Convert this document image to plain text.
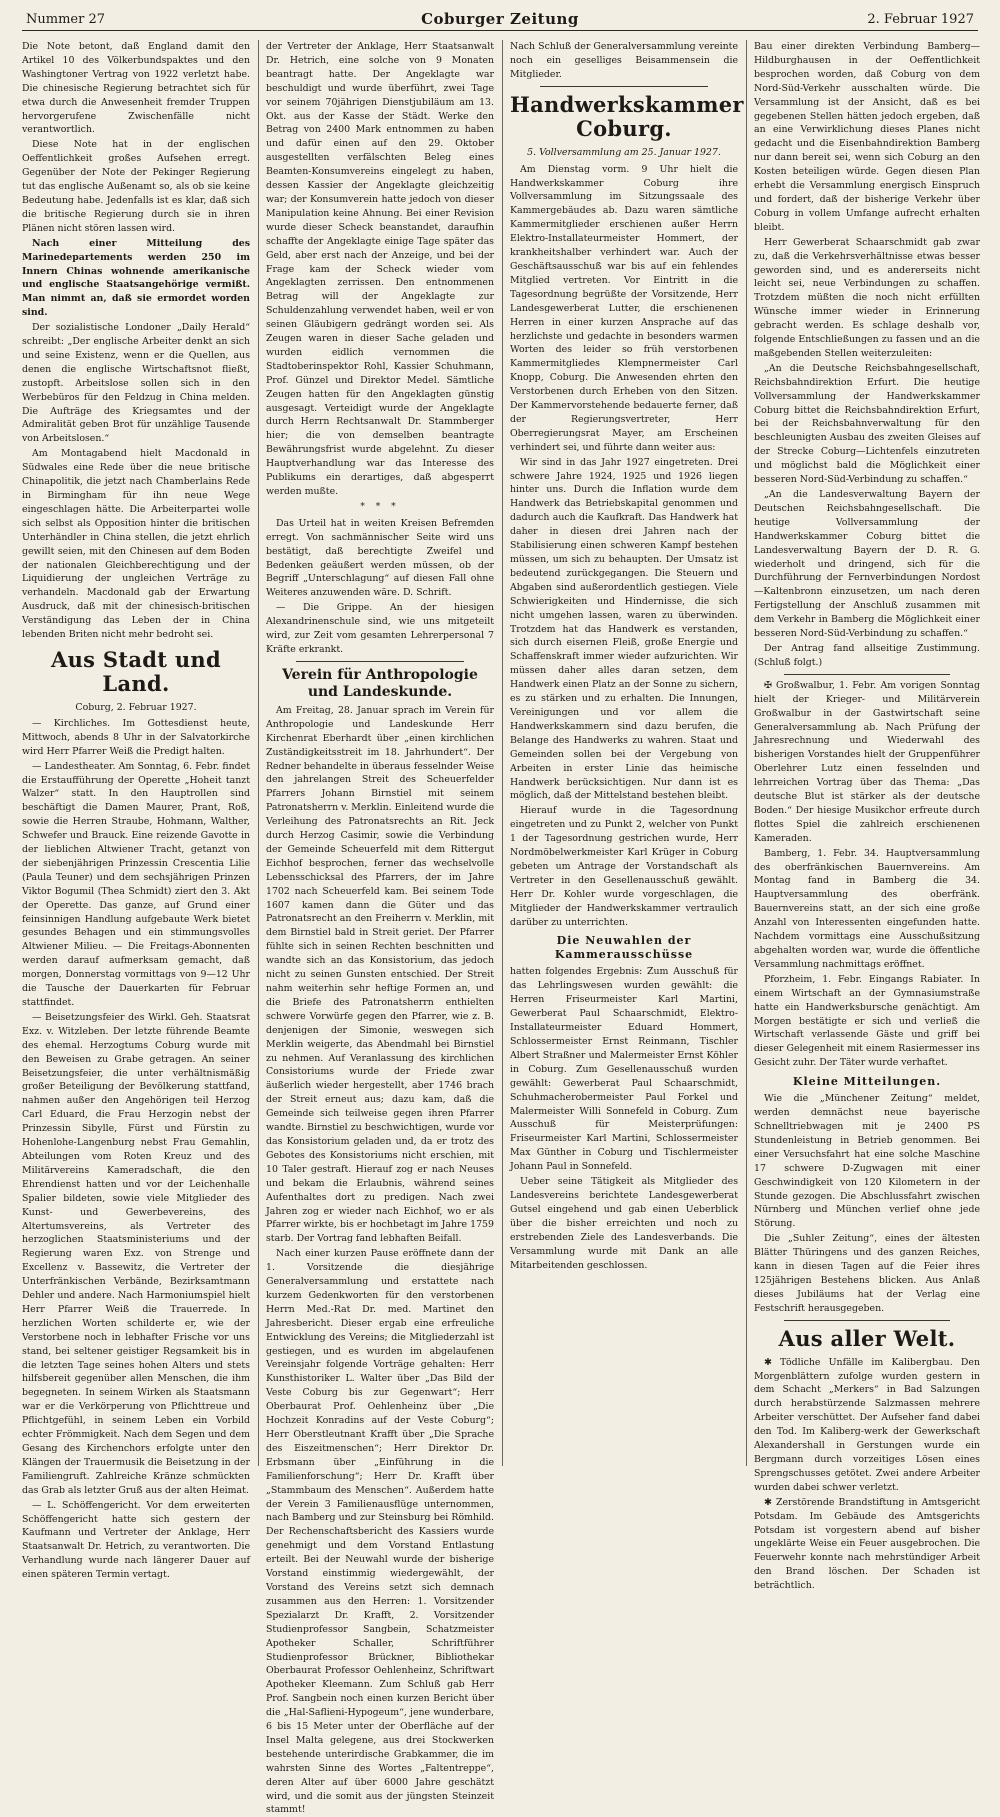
Nummer 27	Coburger Zeitung	2. Februar 1927

Die Note betont, daß England damit den Artikel 10 des Völkerbundspaktes und den Washingtoner Vertrag von 1922 verletzt habe. Die chinesische Regierung betrachtet sich für etwa durch die Anwesenheit fremder Truppen hervorgerufene Zwischenfälle nicht verantwortlich.

Diese Note hat in der englischen Oeffentlichkeit großes Aufsehen erregt. Gegenüber der Note der Pekinger Regierung tut das englische Außenamt so, als ob sie keine Bedeutung habe. Jedenfalls ist es klar, daß sich die britische Regierung durch sie in ihren Plänen nicht stören lassen wird.

Nach einer Mitteilung des Marinedepartements werden 250 im Innern Chinas wohnende amerikanische und englische Staatsangehörige vermißt. Man nimmt an, daß sie ermordet worden sind.

Der sozialistische Londoner „Daily Herald“ schreibt: „Der englische Arbeiter denkt an sich und seine Existenz, wenn er die Quellen, aus denen die englische Wirtschaftsnot fließt, zustopft. Arbeitslose sollen sich in den Werbebüros für den Feldzug in China melden. Die Aufträge des Kriegsamtes und der Admiralität geben Brot für unzählige Tausende von Arbeitslosen.“

Am Montagabend hielt Macdonald in Südwales eine Rede über die neue britische Chinapolitik, die jetzt nach Chamberlains Rede in Birmingham für ihn neue Wege eingeschlagen hätte. Die Arbeiterpartei wolle sich selbst als Opposition hinter die britischen Unterhändler in China stellen, die jetzt ehrlich gewillt seien, mit den Chinesen auf dem Boden der nationalen Gleichberechtigung und der Liquidierung der ungleichen Verträge zu verhandeln. Macdonald gab der Erwartung Ausdruck, daß mit der chinesisch-britischen Verständigung das Leben der in China lebenden Briten nicht mehr bedroht sei.

Aus Stadt und Land.

Coburg, 2. Februar 1927.

— Kirchliches. Im Gottesdienst heute, Mittwoch, abends 8 Uhr in der Salvatorkirche wird Herr Pfarrer Weiß die Predigt halten.

— Landestheater. Am Sonntag, 6. Febr. findet die Erstaufführung der Operette „Hoheit tanzt Walzer“ statt. In den Hauptrollen sind beschäftigt die Damen Maurer, Prant, Roß, sowie die Herren Straube, Hohmann, Walther, Schwefer und Brauck. Eine reizende Gavotte in der lieblichen Altwiener Tracht, getanzt von der siebenjährigen Prinzessin Crescentia Lilie (Paula Teuner) und dem sechsjährigen Prinzen Viktor Bogumil (Thea Schmidt) ziert den 3. Akt der Operette. Das ganze, auf Grund einer feinsinnigen Handlung aufgebaute Werk bietet gesundes Behagen und ein stimmungsvolles Altwiener Milieu. — Die Freitags-Abonnenten werden darauf aufmerksam gemacht, daß morgen, Donnerstag vormittags von 9—12 Uhr die Tausche der Dauerkarten für Februar stattfindet.

— Beisetzungsfeier des Wirkl. Geh. Staatsrat Exz. v. Witzleben. Der letzte führende Beamte des ehemal. Herzogtums Coburg wurde mit den Beweisen zu Grabe getragen. An seiner Beisetzungsfeier, die unter verhältnismäßig großer Beteiligung der Bevölkerung stattfand, nahmen außer den Angehörigen teil Herzog Carl Eduard, die Frau Herzogin nebst der Prinzessin Sibylle, Fürst und Fürstin zu Hohenlohe-Langenburg nebst Frau Gemahlin, Abteilungen vom Roten Kreuz und des Militärvereins Kameradschaft, die den Ehrendienst hatten und vor der Leichenhalle Spalier bildeten, sowie viele Mitglieder des Kunst- und Gewerbevereins, des Altertumsvereins, als Vertreter des herzoglichen Staatsministeriums und der Regierung waren Exz. von Strenge und Excellenz v. Bassewitz, die Vertreter der Unterfränkischen Verbände, Bezirksamtmann Dehler und andere. Nach Harmoniumspiel hielt Herr Pfarrer Weiß die Trauerrede. In herzlichen Worten schilderte er, wie der Verstorbene noch in lebhafter Frische vor uns stand, bei seltener geistiger Regsamkeit bis in die letzten Tage seines hohen Alters und stets hilfsbereit gegenüber allen Menschen, die ihm begegneten. In seinem Wirken als Staatsmann war er die Verkörperung von Pflichttreue und Pflichtgefühl, in seinem Leben ein Vorbild echter Frömmigkeit. Nach dem Segen und dem Gesang des Kirchenchors erfolgte unter den Klängen der Trauermusik die Beisetzung in der Familiengruft. Zahlreiche Kränze schmückten das Grab als letzter Gruß aus der alten Heimat.

— L. Schöffengericht. Vor dem erweiterten Schöffengericht hatte sich gestern der Kaufmann und Vertreter der Anklage, Herr Staatsanwalt Dr. Hetrich, zu verantworten. Die Verhandlung wurde nach längerer Dauer auf einen späteren Termin vertagt.

der Vertreter der Anklage, Herr Staatsanwalt Dr. Hetrich, eine solche von 9 Monaten beantragt hatte. Der Angeklagte war beschuldigt und wurde überführt, zwei Tage vor seinem 70jährigen Dienstjubiläum am 13. Okt. aus der Kasse der Städt. Werke den Betrag von 2400 Mark entnommen zu haben und dafür einen auf den 29. Oktober ausgestellten verfälschten Beleg eines Beamten-Konsumvereins eingelegt zu haben, dessen Kassier der Angeklagte gleichzeitig war; der Konsumverein hatte jedoch von dieser Manipulation keine Ahnung. Bei einer Revision wurde dieser Scheck beanstandet, daraufhin schaffte der Angeklagte einige Tage später das Geld, aber erst nach der Anzeige, und bei der Frage kam der Scheck wieder vom Angeklagten zerrissen. Den entnommenen Betrag will der Angeklagte zur Schuldenzahlung verwendet haben, weil er von seinen Gläubigern gedrängt worden sei. Als Zeugen waren in dieser Sache geladen und wurden eidlich vernommen die Stadtoberinspektor Rohl, Kassier Schuhmann, Prof. Günzel und Direktor Medel. Sämtliche Zeugen hatten für den Angeklagten günstig ausgesagt. Verteidigt wurde der Angeklagte durch Herrn Rechtsanwalt Dr. Stammberger hier; die von demselben beantragte Bewährungsfrist wurde abgelehnt. Zu dieser Hauptverhandlung war das Interesse des Publikums ein derartiges, daß abgesperrt werden mußte.

* * *

Das Urteil hat in weiten Kreisen Befremden erregt. Von sachmännischer Seite wird uns bestätigt, daß berechtigte Zweifel und Bedenken geäußert werden müssen, ob der Begriff „Unterschlagung“ auf diesen Fall ohne Weiteres anzuwenden wäre. D. Schrift.

— Die Grippe. An der hiesigen Alexandrinenschule sind, wie uns mitgeteilt wird, zur Zeit vom gesamten Lehrerpersonal 7 Kräfte erkrankt.

Verein für Anthropologie und Landeskunde.

Am Freitag, 28. Januar sprach im Verein für Anthropologie und Landeskunde Herr Kirchenrat Eberhardt über „einen kirchlichen Zuständigkeitsstreit im 18. Jahrhundert“. Der Redner behandelte in überaus fesselnder Weise den jahrelangen Streit des Scheuerfelder Pfarrers Johann Birnstiel mit seinem Patronatsherrn v. Merklin. Einleitend wurde die Verleihung des Patronatsrechts an Rit. Jeck durch Herzog Casimir, sowie die Verbindung der Gemeinde Scheuerfeld mit dem Rittergut Eichhof besprochen, ferner das wechselvolle Lebensschicksal des Pfarrers, der im Jahre 1702 nach Scheuerfeld kam. Bei seinem Tode 1607 kamen dann die Güter und das Patronatsrecht an den Freiherrn v. Merklin, mit dem Birnstiel bald in Streit geriet. Der Pfarrer fühlte sich in seinen Rechten beschnitten und wandte sich an das Konsistorium, das jedoch nicht zu seinen Gunsten entschied. Der Streit nahm weiterhin sehr heftige Formen an, und die Briefe des Patronatsherrn enthielten schwere Vorwürfe gegen den Pfarrer, wie z. B. denjenigen der Simonie, weswegen sich Merklin weigerte, das Abendmahl bei Birnstiel zu nehmen. Auf Veranlassung des kirchlichen Consistoriums wurde der Friede zwar äußerlich wieder hergestellt, aber 1746 brach der Streit erneut aus; dazu kam, daß die Gemeinde sich teilweise gegen ihren Pfarrer wandte. Birnstiel zu beschwichtigen, wurde vor das Konsistorium geladen und, da er trotz des Gebotes des Konsistoriums nicht erschien, mit 10 Taler gestraft. Hierauf zog er nach Neuses und bekam die Erlaubnis, während seines Aufenthaltes dort zu predigen. Nach zwei Jahren zog er wieder nach Eichhof, wo er als Pfarrer wirkte, bis er hochbetagt im Jahre 1759 starb. Der Vortrag fand lebhaften Beifall.

Nach einer kurzen Pause eröffnete dann der 1. Vorsitzende die diesjährige Generalversammlung und erstattete nach kurzem Gedenkworten für den verstorbenen Herrn Med.-Rat Dr. med. Martinet den Jahresbericht. Dieser ergab eine erfreuliche Entwicklung des Vereins; die Mitgliederzahl ist gestiegen, und es wurden im abgelaufenen Vereinsjahr folgende Vorträge gehalten: Herr Kunsthistoriker L. Walter über „Das Bild der Veste Coburg bis zur Gegenwart“; Herr Oberbaurat Prof. Oehlenheinz über „Die Hochzeit Konradins auf der Veste Coburg“; Herr Oberstleutnant Krafft über „Die Sprache des Eiszeitmenschen“; Herr Direktor Dr. Erbsmann über „Einführung in die Familienforschung“; Herr Dr. Krafft über „Stammbaum des Menschen“. Außerdem hatte der Verein 3 Familienausflüge unternommen, nach Bamberg und zur Steinsburg bei Römhild. Der Rechenschaftsbericht des Kassiers wurde genehmigt und dem Vorstand Entlastung erteilt. Bei der Neuwahl wurde der bisherige Vorstand einstimmig wiedergewählt, der Vorstand des Vereins setzt sich demnach zusammen aus den Herren: 1. Vorsitzender Spezialarzt Dr. Krafft, 2. Vorsitzender Studienprofessor Sangbein, Schatzmeister Apotheker Schaller, Schriftführer Studienprofessor Brückner, Bibliothekar Oberbaurat Professor Oehlenheinz, Schriftwart Apotheker Kleemann. Zum Schluß gab Herr Prof. Sangbein noch einen kurzen Bericht über die „Hal-Saflieni-Hypogeum“, jene wunderbare, 6 bis 15 Meter unter der Oberfläche auf der Insel Malta gelegene, aus drei Stockwerken bestehende unterirdische Grabkammer, die im wahrsten Sinne des Wortes „Faltentreppe“, deren Alter auf über 6000 Jahre geschätzt wird, und die somit aus der jüngsten Steinzeit stammt!

Nach Schluß der Generalversammlung vereinte noch ein geselliges Beisammensein die Mitglieder.

Handwerkskammer Coburg.

5. Vollversammlung am 25. Januar 1927.

Am Dienstag vorm. 9 Uhr hielt die Handwerkskammer Coburg ihre Vollversammlung im Sitzungssaale des Kammergebäudes ab. Dazu waren sämtliche Kammermitglieder erschienen außer Herrn Elektro-Installateurmeister Hommert, der krankheitshalber verhindert war. Auch der Geschäftsausschuß war bis auf ein fehlendes Mitglied vertreten. Vor Eintritt in die Tagesordnung begrüßte der Vorsitzende, Herr Landesgewerberat Lutter, die erschienenen Herren in einer kurzen Ansprache auf das herzlichste und gedachte in besonders warmen Worten des leider so früh verstorbenen Kammermitgliedes Klempnermeister Carl Knopp, Coburg. Die Anwesenden ehrten den Verstorbenen durch Erheben von den Sitzen. Der Kammervorstehende bedauerte ferner, daß der Regierungsvertreter, Herr Oberregierungsrat Mayer, am Erscheinen verhindert sei, und führte dann weiter aus:

Wir sind in das Jahr 1927 eingetreten. Drei schwere Jahre 1924, 1925 und 1926 liegen hinter uns. Durch die Inflation wurde dem Handwerk das Betriebskapital genommen und dadurch auch die Kaufkraft. Das Handwerk hat daher in diesen drei Jahren nach der Stabilisierung einen schweren Kampf bestehen müssen, um sich zu behaupten. Der Umsatz ist bedeutend zurückgegangen. Die Steuern und Abgaben sind außerordentlich gestiegen. Viele Schwierigkeiten und Hindernisse, die sich nicht umgehen lassen, waren zu überwinden. Trotzdem hat das Handwerk es verstanden, sich durch eisernen Fleiß, große Energie und Schaffenskraft immer wieder aufzurichten. Wir müssen daher alles daran setzen, dem Handwerk einen Platz an der Sonne zu sichern, es zu stärken und zu erhalten. Die Innungen, Vereinigungen und vor allem die Handwerkskammern sind dazu berufen, die Belange des Handwerks zu wahren. Staat und Gemeinden sollen bei der Vergebung von Arbeiten in erster Linie das heimische Handwerk berücksichtigen. Nur dann ist es möglich, daß der Mittelstand bestehen bleibt.

Hierauf wurde in die Tagesordnung eingetreten und zu Punkt 2, welcher von Punkt 1 der Tagesordnung gestrichen wurde, Herr Nordmöbelwerkmeister Karl Krüger in Coburg gebeten um Antrage der Vorstandschaft als Vertreter in den Gesellenausschuß gewählt. Herr Dr. Kohler wurde vorgeschlagen, die Mitglieder der Handwerkskammer vertraulich darüber zu unterrichten.

Die Neuwahlen der Kammerausschüsse

hatten folgendes Ergebnis: Zum Ausschuß für das Lehrlingswesen wurden gewählt: die Herren Friseurmeister Karl Martini, Gewerberat Paul Schaarschmidt, Elektro-Installateurmeister Eduard Hommert, Schlossermeister Ernst Reinmann, Tischler Albert Straßner und Malermeister Ernst Köhler in Coburg. Zum Gesellenausschuß wurden gewählt: Gewerberat Paul Schaarschmidt, Schuhmacherobermeister Paul Forkel und Malermeister Willi Sonnefeld in Coburg. Zum Ausschuß für Meisterprüfungen: Friseurmeister Karl Martini, Schlossermeister Max Günther in Coburg und Tischlermeister Johann Paul in Sonnefeld.

Ueber seine Tätigkeit als Mitglieder des Landesvereins berichtete Landesgewerberat Gutsel eingehend und gab einen Ueberblick über die bisher erreichten und noch zu erstrebenden Ziele des Landesverbands. Die Versammlung wurde mit Dank an alle Mitarbeitenden geschlossen.

Bau einer direkten Verbindung Bamberg—Hildburghausen in der Oeffentlichkeit besprochen worden, daß Coburg von dem Nord-Süd-Verkehr ausschalten würde. Die Versammlung ist der Ansicht, daß es bei gegebenen Stellen hätten jedoch ergeben, daß an eine Verwirklichung dieses Planes nicht gedacht und die Eisenbahndirektion Bamberg nur dann bereit sei, wenn sich Coburg an den Kosten beteiligen würde. Gegen diesen Plan erhebt die Versammlung energisch Einspruch und fordert, daß der bisherige Verkehr über Coburg in vollem Umfange aufrecht erhalten bleibt.

Herr Gewerberat Schaarschmidt gab zwar zu, daß die Verkehrsverhältnisse etwas besser geworden sind, und es andererseits nicht leicht sei, neue Verbindungen zu schaffen. Trotzdem müßten die noch nicht erfüllten Wünsche immer wieder in Erinnerung gebracht werden. Es schlage deshalb vor, folgende Entschließungen zu fassen und an die maßgebenden Stellen weiterzuleiten:

„An die Deutsche Reichsbahngesellschaft, Reichsbahndirektion Erfurt. Die heutige Vollversammlung der Handwerkskammer Coburg bittet die Reichsbahndirektion Erfurt, bei der Reichsbahnverwaltung für den beschleunigten Ausbau des zweiten Gleises auf der Strecke Coburg—Lichtenfels einzutreten und möglichst bald die Möglichkeit einer besseren Nord-Süd-Verbindung zu schaffen.“

„An die Landesverwaltung Bayern der Deutschen Reichsbahngesellschaft. Die heutige Vollversammlung der Handwerkskammer Coburg bittet die Landesverwaltung Bayern der D. R. G. wiederholt und dringend, sich für die Durchführung der Fernverbindungen Nordost—Kaltenbronn einzusetzen, um nach deren Fertigstellung der Anschluß zusammen mit dem Verkehr in Bamberg die Möglichkeit einer besseren Nord-Süd-Verbindung zu schaffen.“

Der Antrag fand allseitige Zustimmung. (Schluß folgt.)

✠ Großwalbur, 1. Febr. Am vorigen Sonntag hielt der Krieger- und Militärverein Großwalbur in der Gastwirtschaft seine Generalversammlung ab. Nach Prüfung der Jahresrechnung und Wiederwahl des bisherigen Vorstandes hielt der Gruppenführer Oberlehrer Lutz einen fesselnden und lehrreichen Vortrag über das Thema: „Das deutsche Blut ist stärker als der deutsche Boden.“ Der hiesige Musikchor erfreute durch flottes Spiel die zahlreich erschienenen Kameraden.

Bamberg, 1. Febr. 34. Hauptversammlung des oberfränkischen Bauernvereins. Am Montag fand in Bamberg die 34. Hauptversammlung des oberfränk. Bauernvereins statt, an der sich eine große Anzahl von Interessenten eingefunden hatte. Nachdem vormittags eine Ausschußsitzung abgehalten worden war, wurde die öffentliche Versammlung nachmittags eröffnet.

Pforzheim, 1. Febr. Eingangs Rabiater. In einem Wirtschaft an der Gymnasiumstraße hatte ein Handwerksbursche genächtigt. Am Morgen bestätigte er sich und verließ die Wirtschaft verlassende Gäste und griff bei dieser Gelegenheit mit einem Rasiermesser ins Gesicht zuhr. Der Täter wurde verhaftet.

Kleine Mitteilungen.

Wie die „Münchener Zeitung“ meldet, werden demnächst neue bayerische Schnelltriebwagen mit je 2400 PS Stundenleistung in Betrieb genommen. Bei einer Versuchsfahrt hat eine solche Maschine 17 schwere D-Zugwagen mit einer Geschwindigkeit von 120 Kilometern in der Stunde gezogen. Die Abschlussfahrt zwischen Nürnberg und München verlief ohne jede Störung.

Die „Suhler Zeitung“, eines der ältesten Blätter Thüringens und des ganzen Reiches, kann in diesen Tagen auf die Feier ihres 125jährigen Bestehens blicken. Aus Anlaß dieses Jubiläums hat der Verlag eine Festschrift herausgegeben.

Aus aller Welt.

✱ Tödliche Unfälle im Kalibergbau. Den Morgenblättern zufolge wurden gestern in dem Schacht „Merkers“ in Bad Salzungen durch herabstürzende Salzmassen mehrere Arbeiter verschüttet. Der Aufseher fand dabei den Tod. Im Kaliberg-werk der Gewerkschaft Alexandershall in Gerstungen wurde ein Bergmann durch vorzeitiges Lösen eines Sprengschusses getötet. Zwei andere Arbeiter wurden dabei schwer verletzt.

✱ Zerstörende Brandstiftung in Amtsgericht Potsdam. Im Gebäude des Amtsgerichts Potsdam ist vorgestern abend auf bisher ungeklärte Weise ein Feuer ausgebrochen. Die Feuerwehr konnte nach mehrstündiger Arbeit den Brand löschen. Der Schaden ist beträchtlich.
